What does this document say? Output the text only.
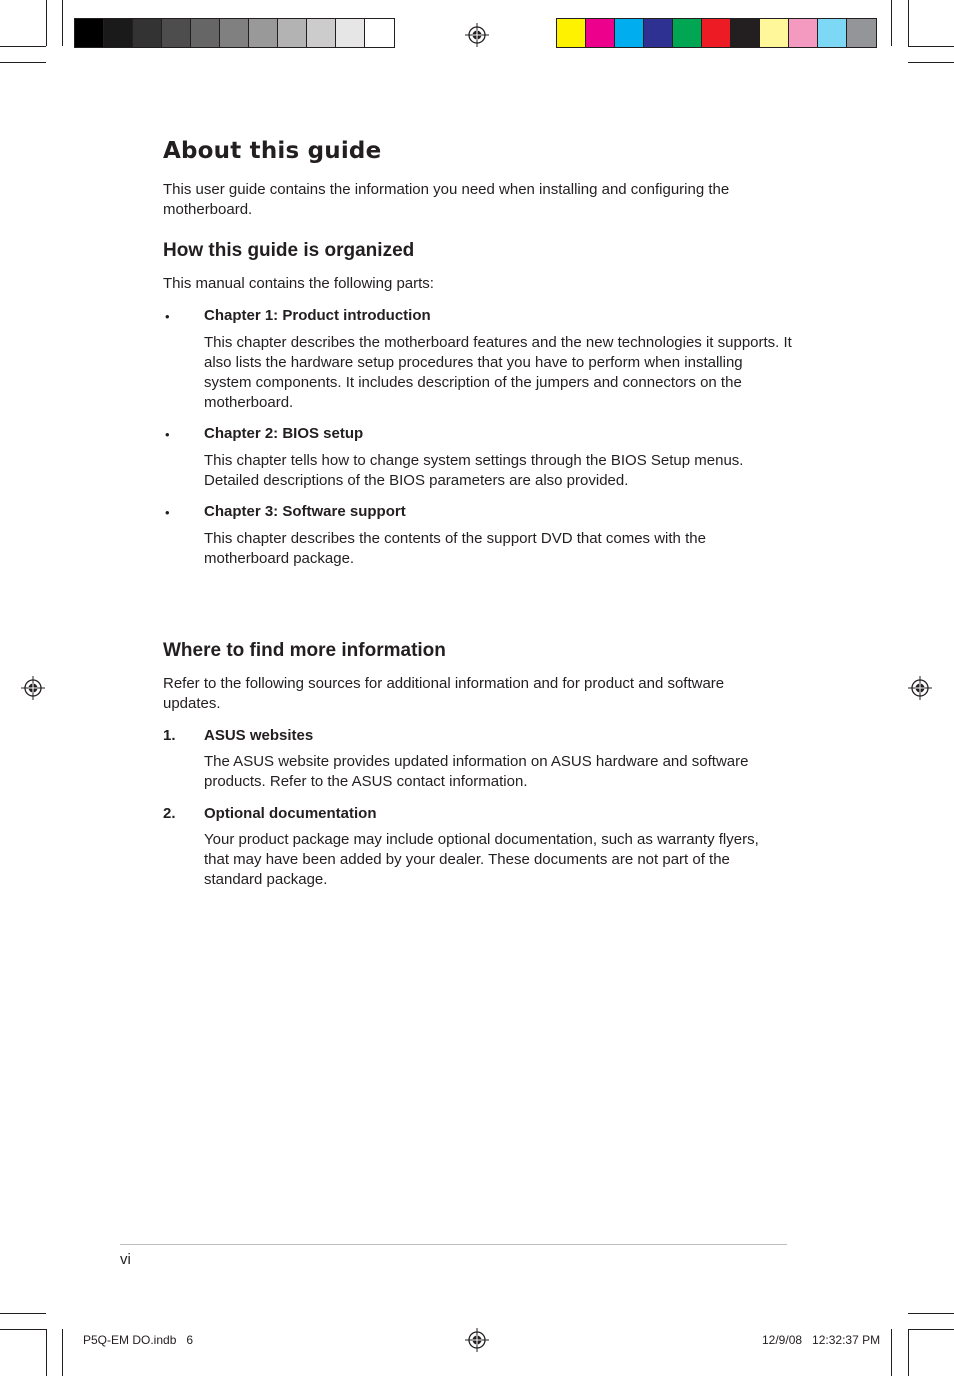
About this guide

This user guide contains the information you need when installing and configuring the motherboard.

How this guide is organized

This manual contains the following parts:

• Chapter 1: Product introduction

This chapter describes the motherboard features and the new technologies it supports. It also lists the hardware setup procedures that you have to perform when installing system components. It includes description of the jumpers and connectors on the motherboard.

• Chapter 2: BIOS setup

This chapter tells how to change system settings through the BIOS Setup menus. Detailed descriptions of the BIOS parameters are also provided.

• Chapter 3: Software support

This chapter describes the contents of the support DVD that comes with the motherboard package.

Where to find more information

Refer to the following sources for additional information and for product and software updates.

1. ASUS websites

The ASUS website provides updated information on ASUS hardware and software products. Refer to the ASUS contact information.

2. Optional documentation

Your product package may include optional documentation, such as warranty flyers, that may have been added by your dealer. These documents are not part of the standard package.

vi
P5Q-EM DO.indb   6	12/9/08   12:32:37 PM
